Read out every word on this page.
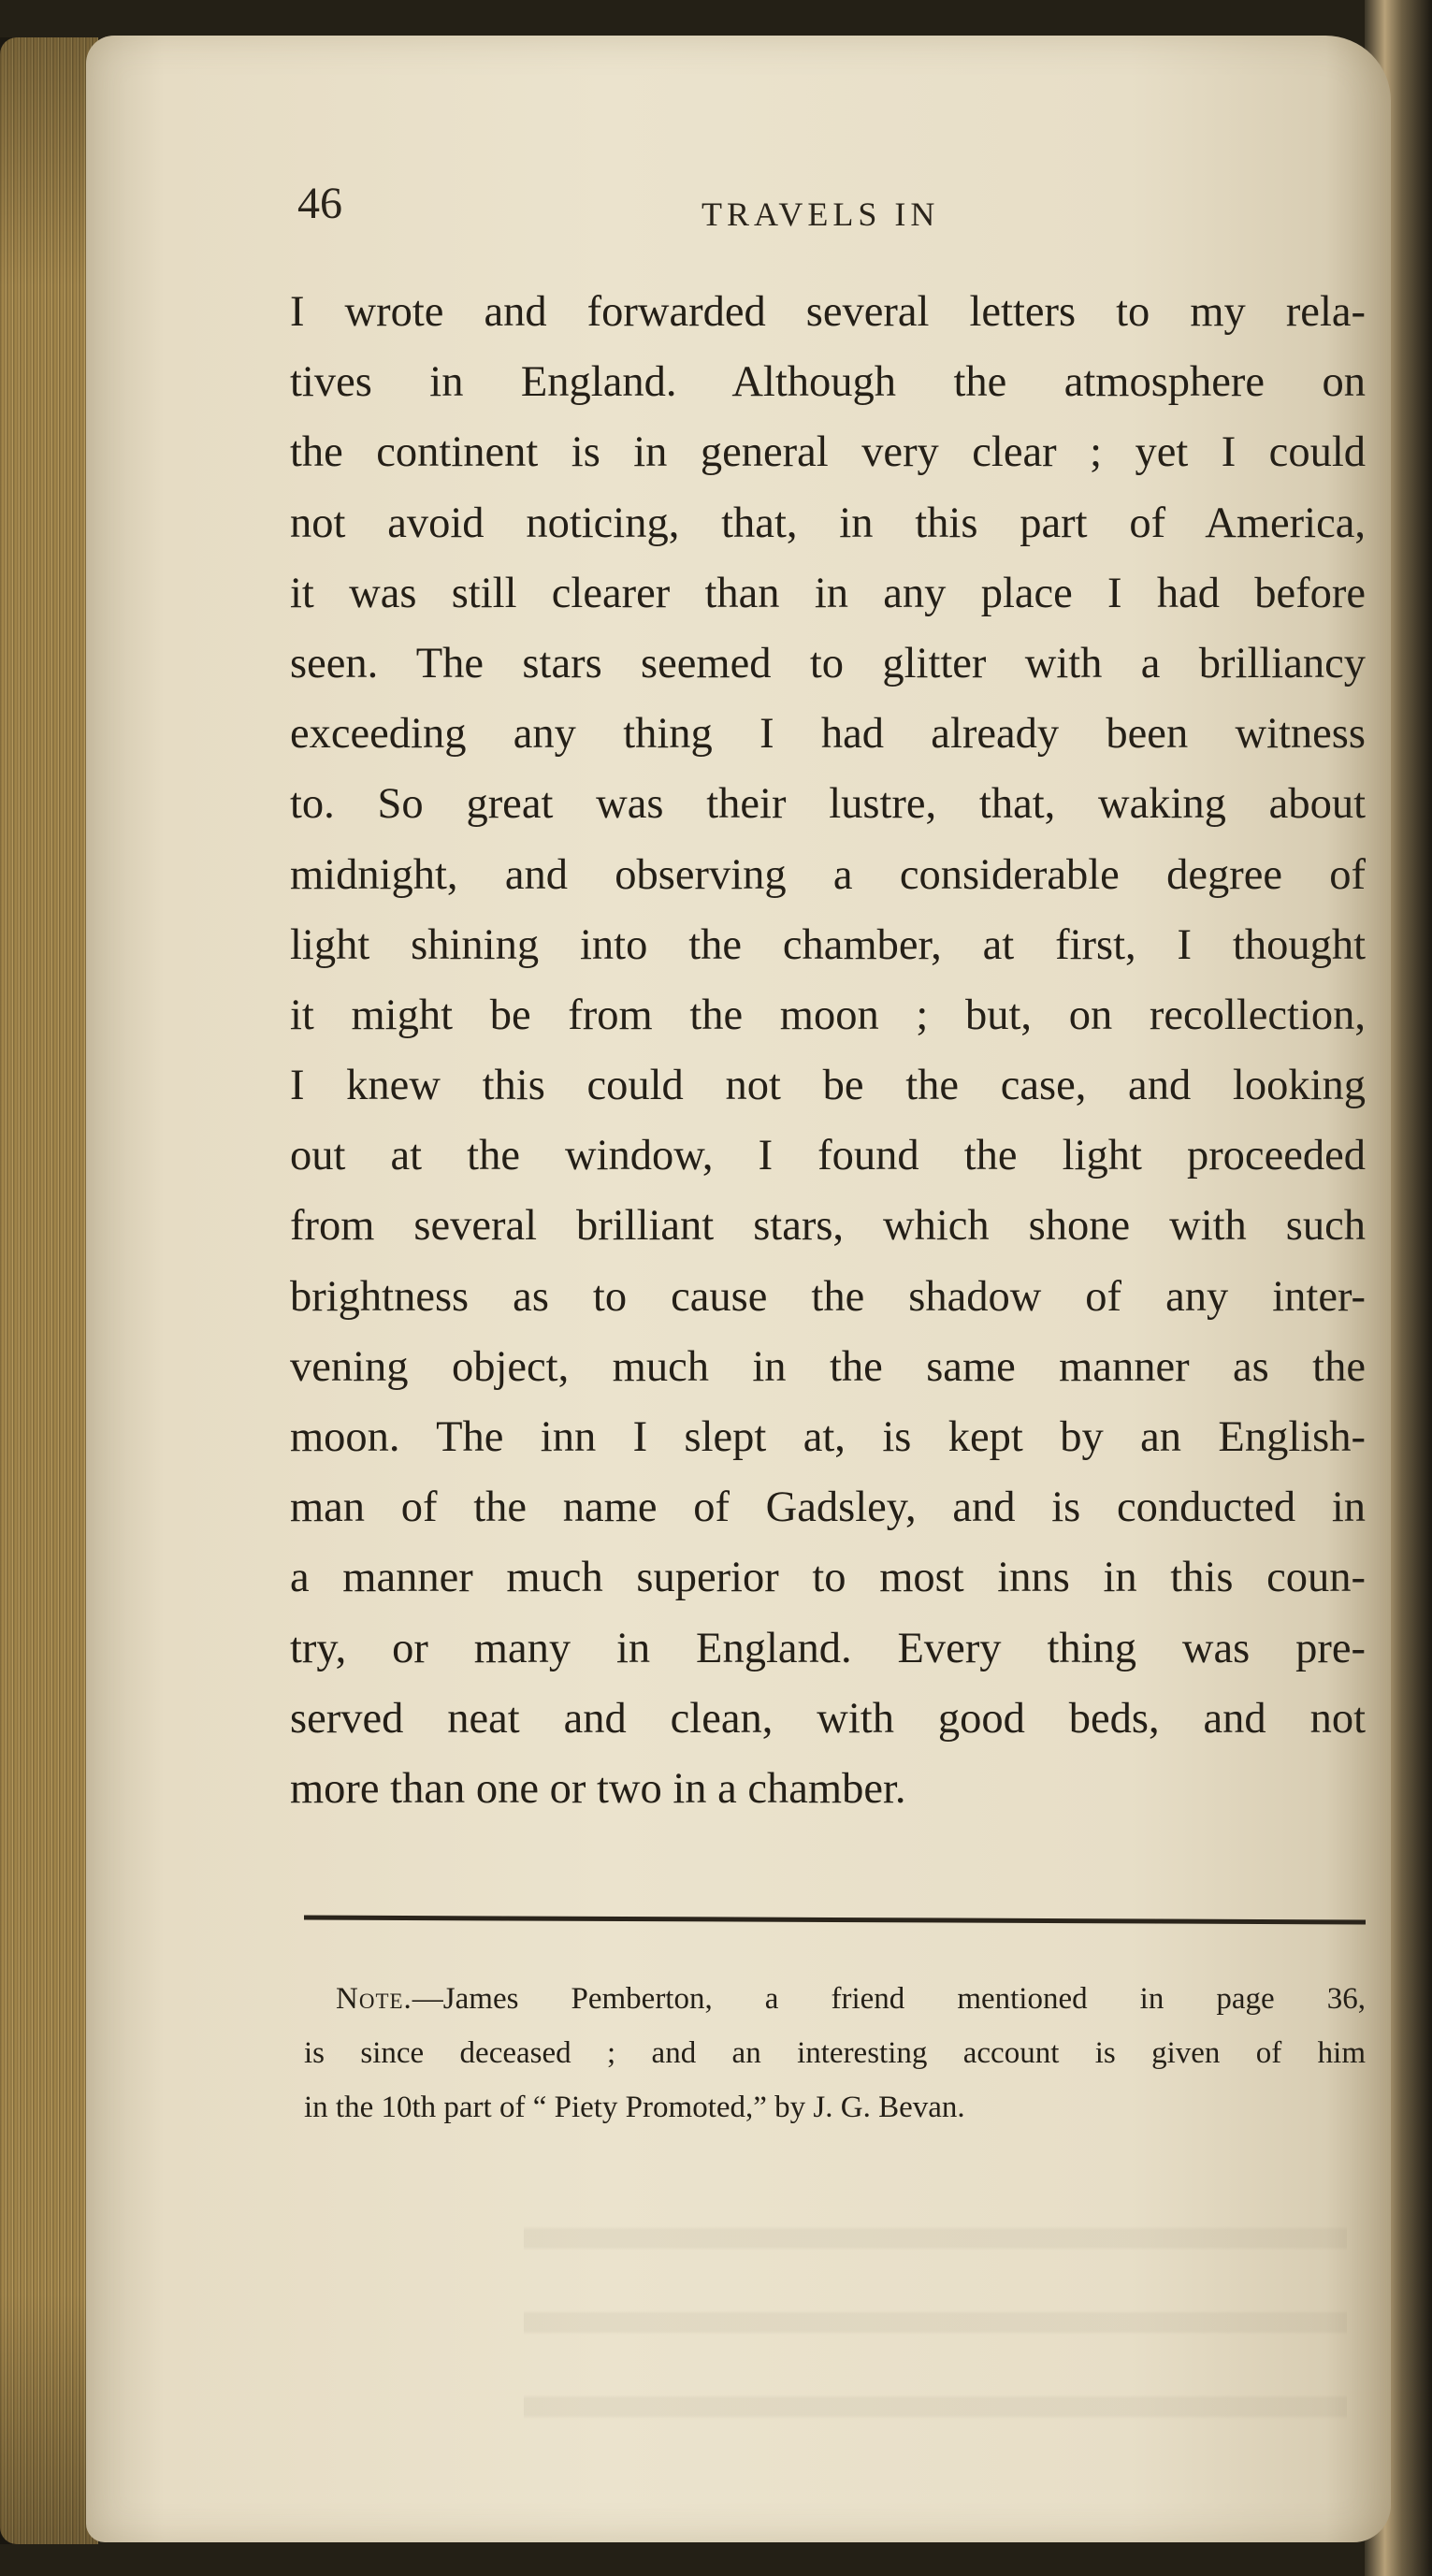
46	TRAVELS IN
I wrote and forwarded several letters to my rela-
tives in England. Although the atmosphere on
the continent is in general very clear ; yet I could
not avoid noticing, that, in this part of America,
it was still clearer than in any place I had before
seen. The stars seemed to glitter with a brilliancy
exceeding any thing I had already been witness
to. So great was their lustre, that, waking about
midnight, and observing a considerable degree of
light shining into the chamber, at first, I thought
it might be from the moon ; but, on recollection,
I knew this could not be the case, and looking
out at the window, I found the light proceeded
from several brilliant stars, which shone with such
brightness as to cause the shadow of any inter-
vening object, much in the same manner as the
moon. The inn I slept at, is kept by an English-
man of the name of Gadsley, and is conducted in
a manner much superior to most inns in this coun-
try, or many in England. Every thing was pre-
served neat and clean, with good beds, and not
more than one or two in a chamber.
Note.—James Pemberton, a friend mentioned in page 36,
is since deceased ; and an interesting account is given of him
in the 10th part of “ Piety Promoted,” by J. G. Bevan.
